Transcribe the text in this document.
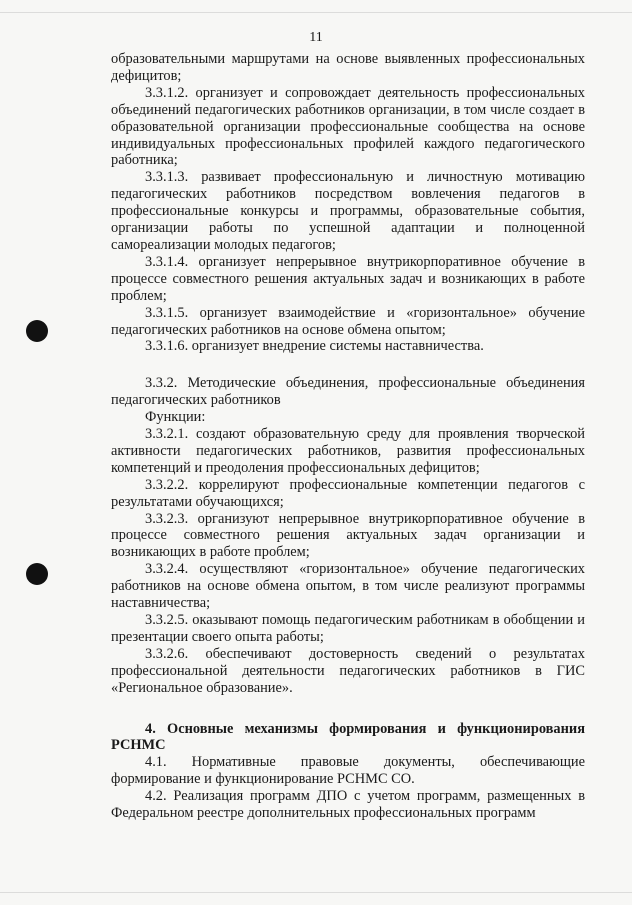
11

образовательными маршрутами на основе выявленных профессиональных дефицитов;

3.3.1.2. организует и сопровождает деятельность профессиональных объединений педагогических работников организации, в том числе создает в образовательной организации профессиональные сообщества на основе индивидуальных профессиональных профилей каждого педагогического работника;

3.3.1.3. развивает профессиональную и личностную мотивацию педагогических работников посредством вовлечения педагогов в профессиональные конкурсы и программы, образовательные события, организации работы по успешной адаптации и полноценной самореализации молодых педагогов;

3.3.1.4. организует непрерывное внутрикорпоративное обучение в процессе совместного решения актуальных задач и возникающих в работе проблем;

3.3.1.5. организует взаимодействие и «горизонтальное» обучение педагогических работников на основе обмена опытом;

3.3.1.6. организует внедрение системы наставничества.

3.3.2. Методические объединения, профессиональные объединения педагогических работников

Функции:

3.3.2.1. создают образовательную среду для проявления творческой активности педагогических работников, развития профессиональных компетенций и преодоления профессиональных дефицитов;

3.3.2.2. коррелируют профессиональные компетенции педагогов с результатами обучающихся;

3.3.2.3. организуют непрерывное внутрикорпоративное обучение в процессе совместного решения актуальных задач организации и возникающих в работе проблем;

3.3.2.4. осуществляют «горизонтальное» обучение педагогических работников на основе обмена опытом, в том числе реализуют программы наставничества;

3.3.2.5. оказывают помощь педагогическим работникам в обобщении и презентации своего опыта работы;

3.3.2.6. обеспечивают достоверность сведений о результатах профессиональной деятельности педагогических работников в ГИС «Региональное образование».

4. Основные механизмы формирования и функционирования РСНМС

4.1. Нормативные правовые документы, обеспечивающие формирование и функционирование РСНМС СО.

4.2. Реализация программ ДПО с учетом программ, размещенных в Федеральном реестре дополнительных профессиональных программ
